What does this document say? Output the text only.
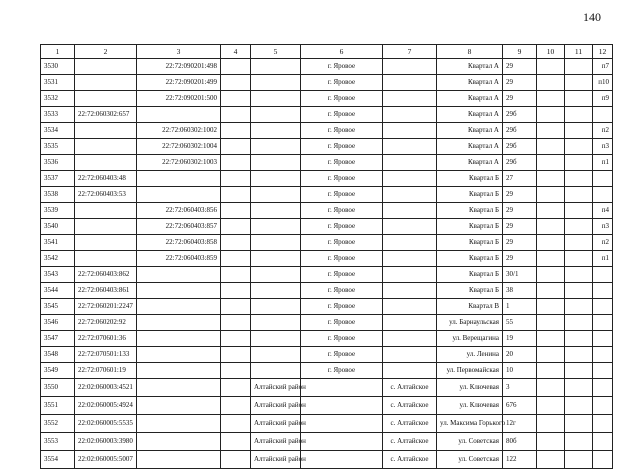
140
1	2	3	4	5	6	7	8	9	10	11	12
3530		22:72:090201:498			г. Яровое		Квартал А	29			п7
3531		22:72:090201:499			г. Яровое		Квартал А	29			п10
3532		22:72:090201:500			г. Яровое		Квартал А	29			п9
3533	22:72:060302:657				г. Яровое		Квартал А	29б			
3534		22:72:060302:1002			г. Яровое		Квартал А	29б			п2
3535		22:72:060302:1004			г. Яровое		Квартал А	29б			п3
3536		22:72:060302:1003			г. Яровое		Квартал А	29б			п1
3537	22:72:060403:48				г. Яровое		Квартал Б	27			
3538	22:72:060403:53				г. Яровое		Квартал Б	29			
3539		22:72:060403:856			г. Яровое		Квартал Б	29			п4
3540		22:72:060403:857			г. Яровое		Квартал Б	29			п3
3541		22:72:060403:858			г. Яровое		Квартал Б	29			п2
3542		22:72:060403:859			г. Яровое		Квартал Б	29			п1
3543	22:72:060403:862				г. Яровое		Квартал Б	30/1			
3544	22:72:060403:861				г. Яровое		Квартал Б	38			
3545	22:72:060201:2247				г. Яровое		Квартал В	1			
3546	22:72:060202:92				г. Яровое		ул. Барнаульская	55			
3547	22:72:070601:36				г. Яровое		ул. Верещагина	19			
3548	22:72:070501:133				г. Яровое		ул. Ленина	20			
3549	22:72:070601:19				г. Яровое		ул. Первомайская	10			
3550	22:02:060003:4521			Алтайский район		с. Алтайское	ул. Ключевая	3			
3551	22:02:060005:4924			Алтайский район		с. Алтайское	ул. Ключевая	676			
3552	22:02:060005:5535			Алтайский район		с. Алтайское	ул. Максима Горького	12г			
3553	22:02:060003:3980			Алтайский район		с. Алтайское	ул. Советская	80б			
3554	22:02:060005:5007			Алтайский район		с. Алтайское	ул. Советская	122			
